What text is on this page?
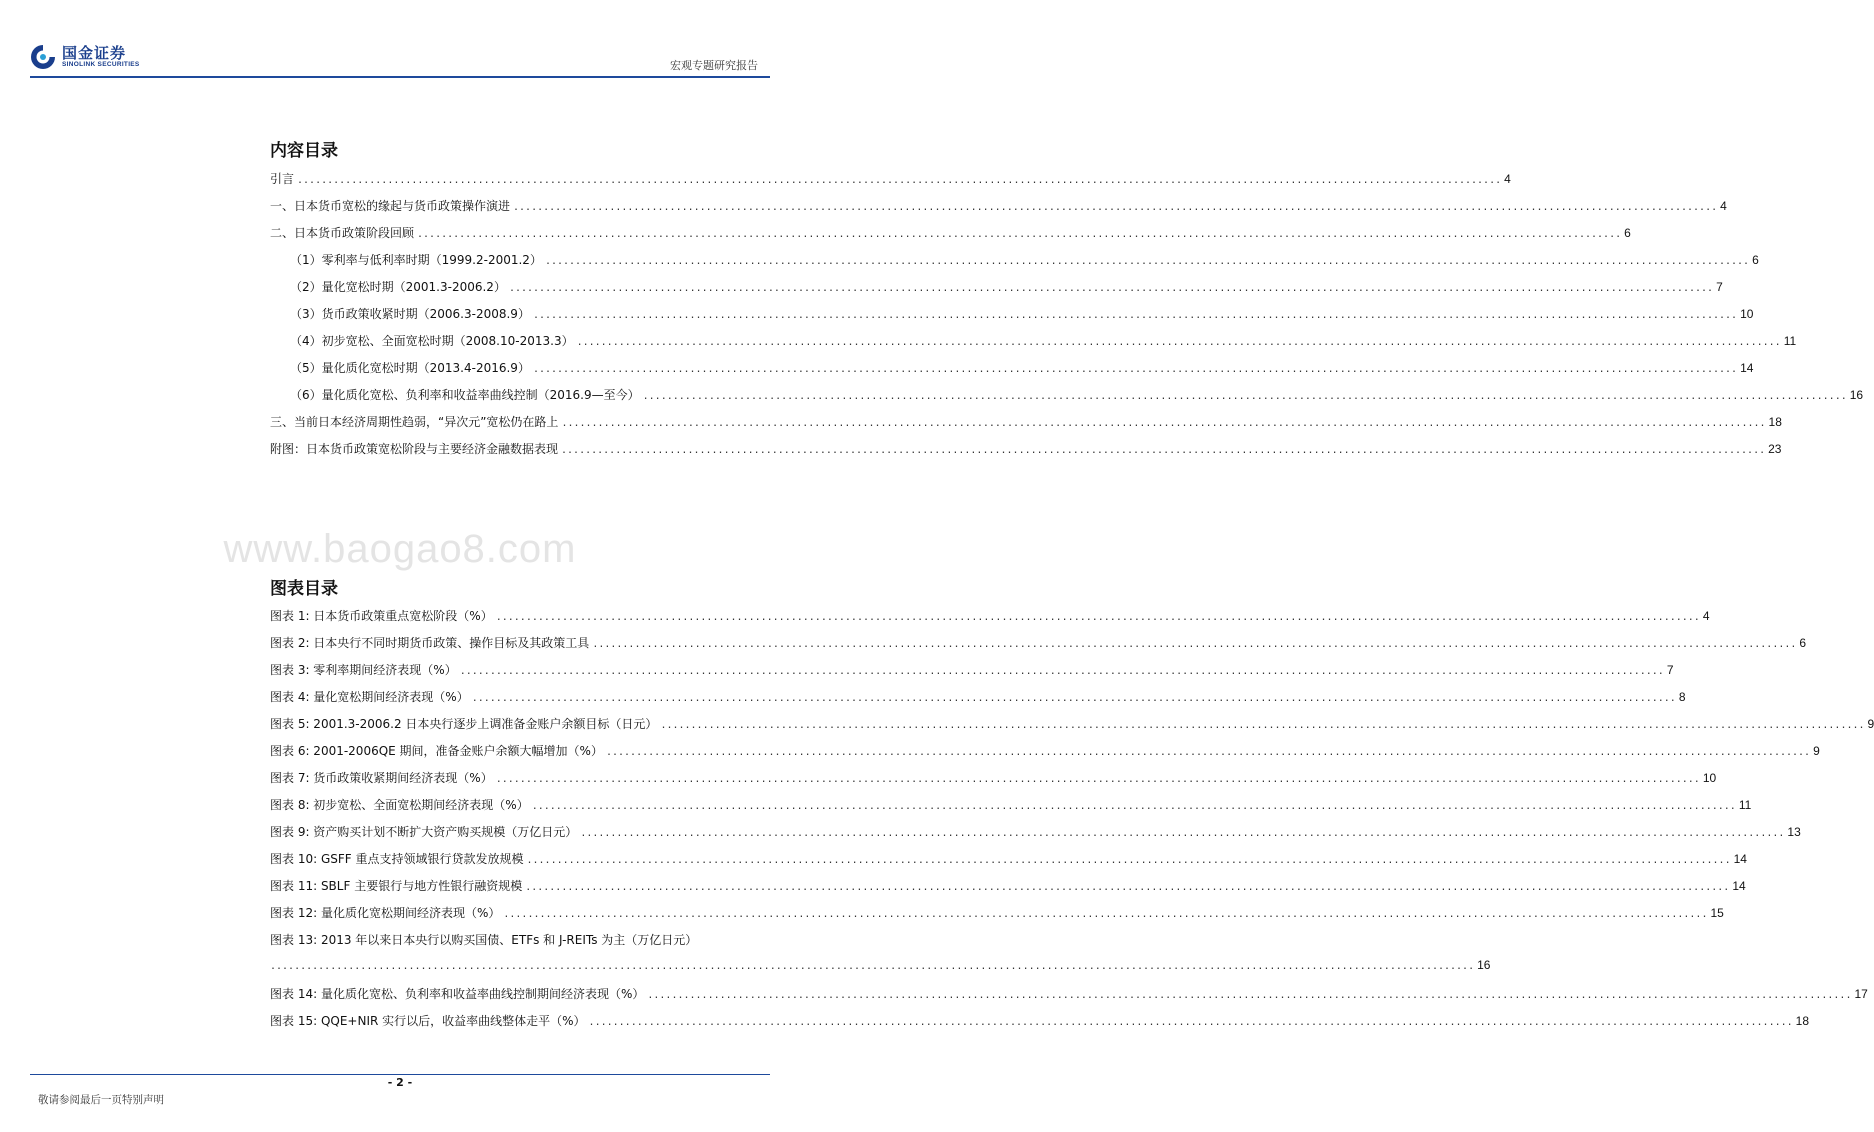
国金证券
SINOLINK SECURITIES	宏观专题研究报告
内容目录
引言 ........................................................................................................................................................................................................ 4
一、日本货币宽松的缘起与货币政策操作演进 ........................................................................................................................................................................................................ 4
二、日本货币政策阶段回顾 ........................................................................................................................................................................................................ 6
（1）零利率与低利率时期（1999.2-2001.2） ........................................................................................................................................................................................................ 6
（2）量化宽松时期（2001.3-2006.2） ........................................................................................................................................................................................................ 7
（3）货币政策收紧时期（2006.3-2008.9） ........................................................................................................................................................................................................ 10
（4）初步宽松、全面宽松时期（2008.10-2013.3） ........................................................................................................................................................................................................ 11
（5）量化质化宽松时期（2013.4-2016.9） ........................................................................................................................................................................................................ 14
（6）量化质化宽松、负利率和收益率曲线控制（2016.9—至今） ........................................................................................................................................................................................................ 16
三、当前日本经济周期性趋弱，“异次元”宽松仍在路上 ........................................................................................................................................................................................................ 18
附图：日本货币政策宽松阶段与主要经济金融数据表现 ........................................................................................................................................................................................................ 23
www.baogao8.com
图表目录
图表 1: 日本货币政策重点宽松阶段（%） ........................................................................................................................................................................................................ 4
图表 2: 日本央行不同时期货币政策、操作目标及其政策工具 ........................................................................................................................................................................................................ 6
图表 3: 零利率期间经济表现（%） ........................................................................................................................................................................................................ 7
图表 4: 量化宽松期间经济表现（%） ........................................................................................................................................................................................................ 8
图表 5: 2001.3-2006.2 日本央行逐步上调准备金账户余额目标（日元） ........................................................................................................................................................................................................ 9
图表 6: 2001-2006QE 期间，准备金账户余额大幅增加（%） ........................................................................................................................................................................................................ 9
图表 7: 货币政策收紧期间经济表现（%） ........................................................................................................................................................................................................ 10
图表 8: 初步宽松、全面宽松期间经济表现（%） ........................................................................................................................................................................................................ 11
图表 9: 资产购买计划不断扩大资产购买规模（万亿日元） ........................................................................................................................................................................................................ 13
图表 10: GSFF 重点支持领域银行贷款发放规模 ........................................................................................................................................................................................................ 14
图表 11: SBLF 主要银行与地方性银行融资规模 ........................................................................................................................................................................................................ 14
图表 12: 量化质化宽松期间经济表现（%） ........................................................................................................................................................................................................ 15
图表 13: 2013 年以来日本央行以购买国债、ETFs 和 J-REITs 为主（万亿日元）
........................................................................................................................................................................................................ 16
图表 14: 量化质化宽松、负利率和收益率曲线控制期间经济表现（%） ........................................................................................................................................................................................................ 17
图表 15: QQE+NIR 实行以后，收益率曲线整体走平（%） ........................................................................................................................................................................................................ 18
- 2 -
敬请参阅最后一页特别声明
